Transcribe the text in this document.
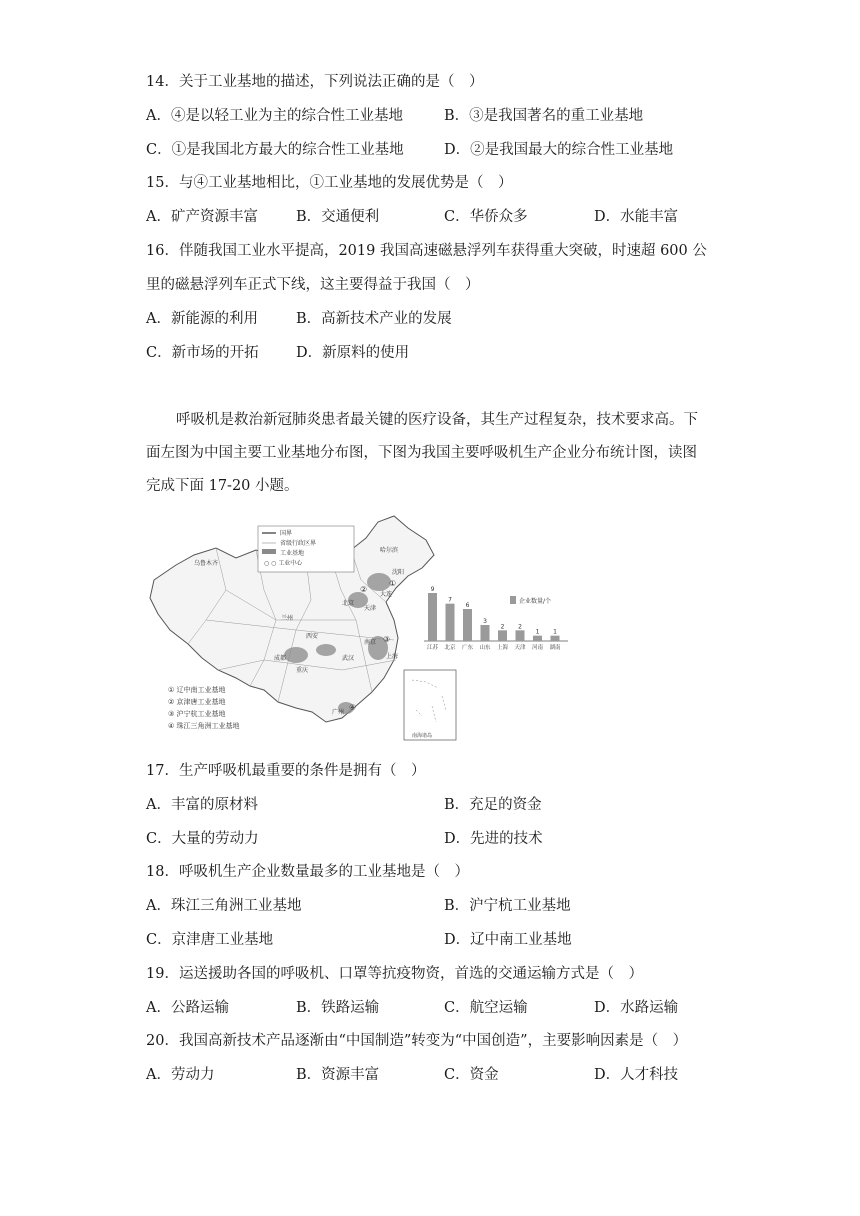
14．关于工业基地的描述，下列说法正确的是（　）
A．④是以轻工业为主的综合性工业基地	B．③是我国著名的重工业基地
C．①是我国北方最大的综合性工业基地	D．②是我国最大的综合性工业基地
15．与④工业基地相比，①工业基地的发展优势是（　）
A．矿产资源丰富	B．交通便利	C．华侨众多	D．水能丰富
16．伴随我国工业水平提高，2019 我国高速磁悬浮列车获得重大突破，时速超 600 公
里的磁悬浮列车正式下线，这主要得益于我国（　）
A．新能源的利用	B．高新技术产业的发展
C．新市场的开拓	D．新原料的使用
呼吸机是救治新冠肺炎患者最关键的医疗设备，其生产过程复杂，技术要求高。下
面左图为中国主要工业基地分布图，下图为我国主要呼吸机生产企业分布统计图，读图
完成下面 17-20 小题。
①
②
③
④
乌鲁木齐
哈尔滨
北京
上海
成都
广州
兰州
武汉
重庆
天津
沈阳
大连
西安
南京
国界
省级行政区界
工业基地
○ ○ 工业中心
① 辽中南工业基地
② 京津唐工业基地
③ 沪宁杭工业基地
④ 珠江三角洲工业基地
南海诸岛
企业数量/个
9
江苏
7
北京
6
广东
3
山东
2
上海
2
天津
1
河南
1
湖南
17．生产呼吸机最重要的条件是拥有（　）
A．丰富的原材料	B．充足的资金
C．大量的劳动力	D．先进的技术
18．呼吸机生产企业数量最多的工业基地是（　）
A．珠江三角洲工业基地	B．沪宁杭工业基地
C．京津唐工业基地	D．辽中南工业基地
19．运送援助各国的呼吸机、口罩等抗疫物资，首选的交通运输方式是（　）
A．公路运输	B．铁路运输	C．航空运输	D．水路运输
20．我国高新技术产品逐渐由“中国制造”转变为“中国创造”，主要影响因素是（　）
A．劳动力	B．资源丰富	C．资金	D．人才科技
